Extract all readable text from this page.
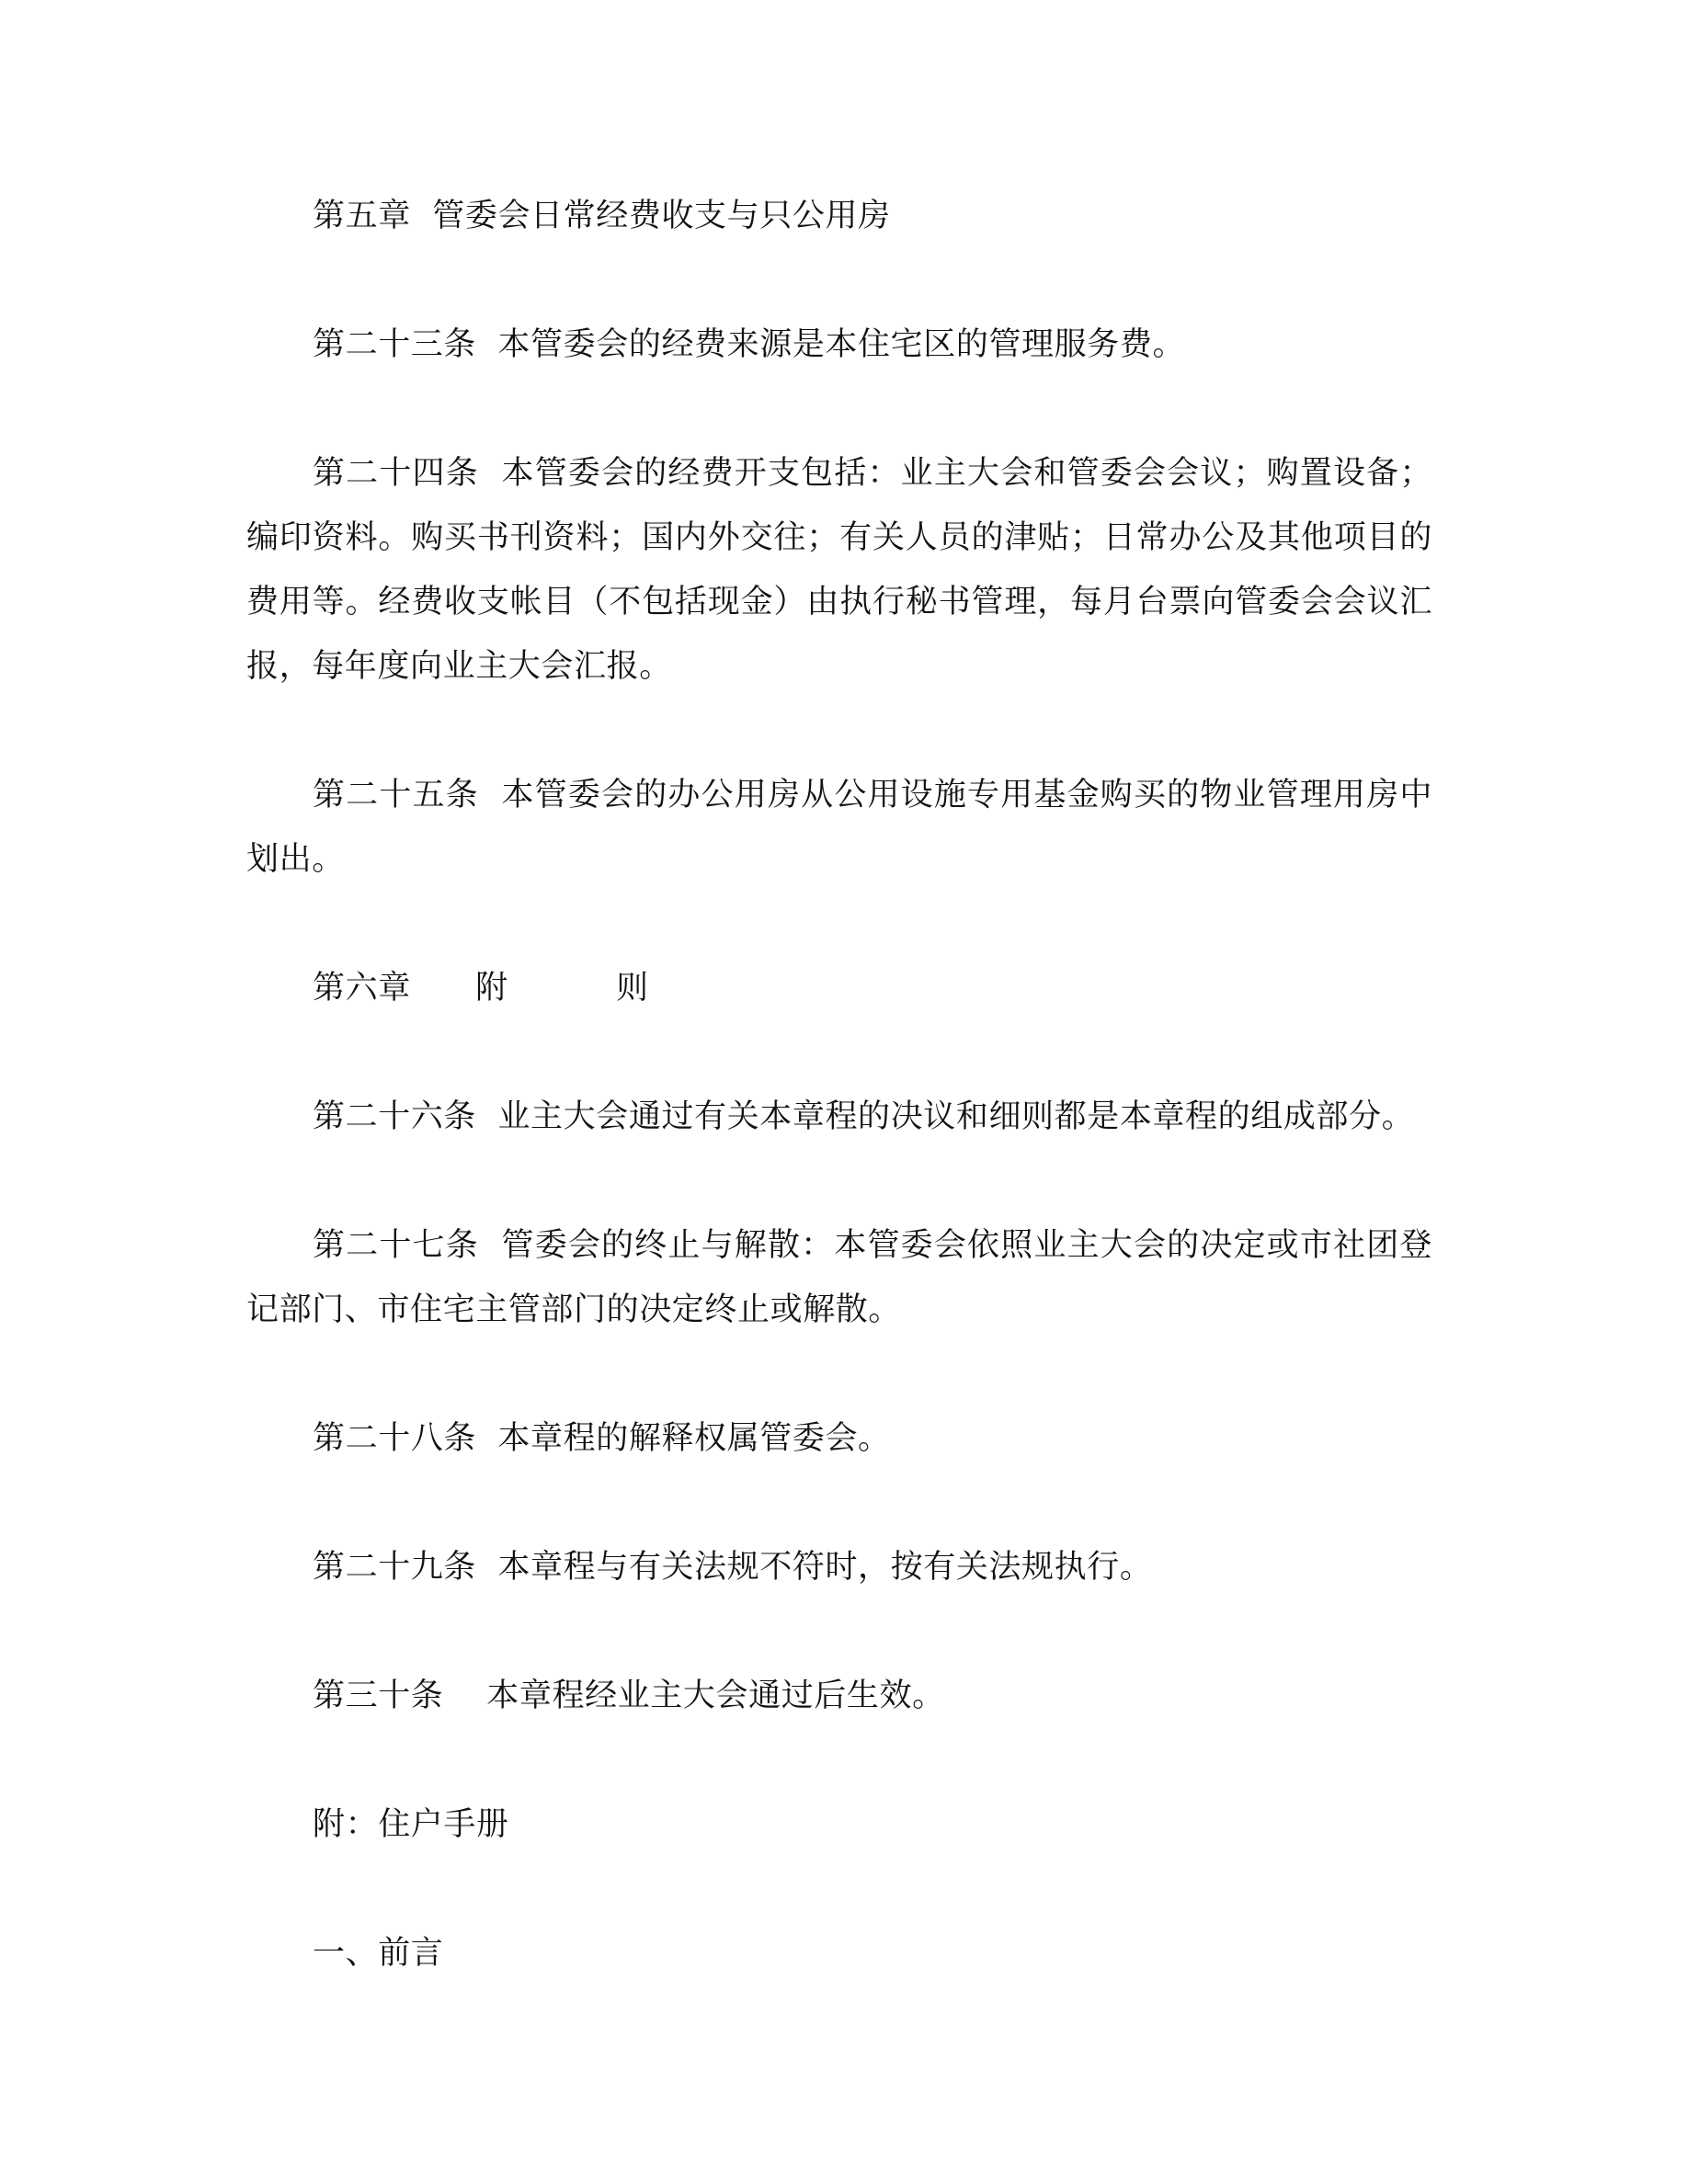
第五章  管委会日常经费收支与只公用房

第二十三条  本管委会的经费来源是本住宅区的管理服务费。

第二十四条  本管委会的经费开支包括：业主大会和管委会会议；购置设备；编印资料。购买书刊资料；国内外交往；有关人员的津贴；日常办公及其他项目的费用等。经费收支帐目（不包括现金）由执行秘书管理，每月台票向管委会会议汇报，每年度向业主大会汇报。

第二十五条  本管委会的办公用房从公用设施专用基金购买的物业管理用房中划出。

第六章      附          则

第二十六条  业主大会通过有关本章程的决议和细则都是本章程的组成部分。

第二十七条  管委会的终止与解散：本管委会依照业主大会的决定或市社团登记部门、市住宅主管部门的决定终止或解散。

第二十八条  本章程的解释权属管委会。

第二十九条  本章程与有关法规不符时，按有关法规执行。

第三十条    本章程经业主大会通过后生效。

附：住户手册

一、前言
